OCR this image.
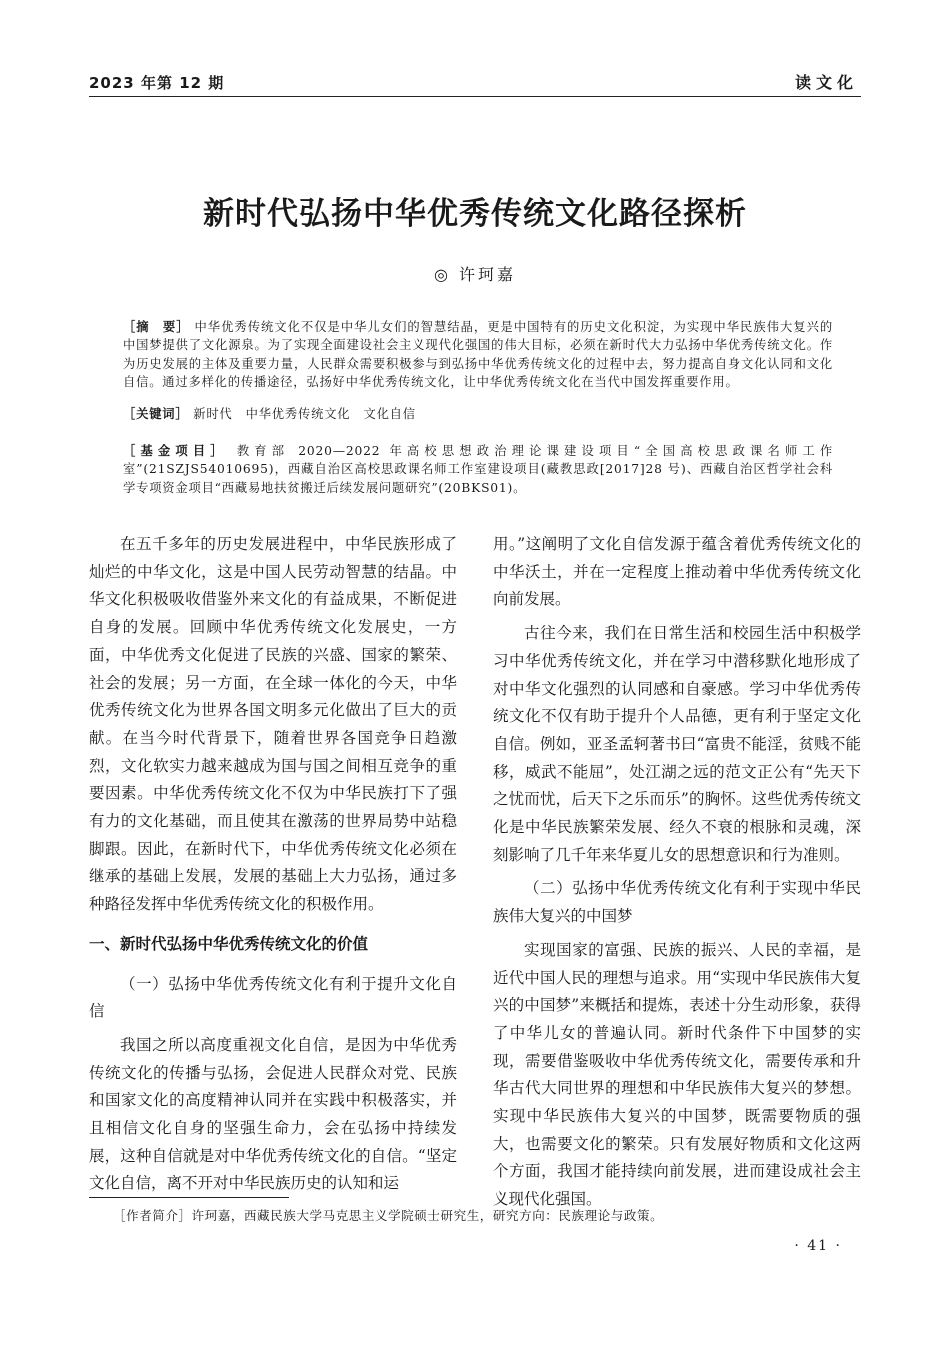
2023 年第 12 期	读文化
新时代弘扬中华优秀传统文化路径探析
◎ 许珂嘉
［摘　要］ 中华优秀传统文化不仅是中华儿女们的智慧结晶，更是中国特有的历史文化积淀，为实现中华民族伟大复兴的中国梦提供了文化源泉。为了实现全面建设社会主义现代化强国的伟大目标，必须在新时代大力弘扬中华优秀传统文化。作为历史发展的主体及重要力量，人民群众需要积极参与到弘扬中华优秀传统文化的过程中去，努力提高自身文化认同和文化自信。通过多样化的传播途径，弘扬好中华优秀传统文化，让中华优秀传统文化在当代中国发挥重要作用。
［关键词］ 新时代　中华优秀传统文化　文化自信
［基金项目］ 教育部 2020—2022 年高校思想政治理论课建设项目“全国高校思政课名师工作室”(21SZJS54010695)，西藏自治区高校思政课名师工作室建设项目(藏教思政[2017]28 号)、西藏自治区哲学社会科学专项资金项目“西藏易地扶贫搬迁后续发展问题研究”(20BKS01)。

在五千多年的历史发展进程中，中华民族形成了灿烂的中华文化，这是中国人民劳动智慧的结晶。中华文化积极吸收借鉴外来文化的有益成果，不断促进自身的发展。回顾中华优秀传统文化发展史，一方面，中华优秀文化促进了民族的兴盛、国家的繁荣、社会的发展；另一方面，在全球一体化的今天，中华优秀传统文化为世界各国文明多元化做出了巨大的贡献。在当今时代背景下，随着世界各国竞争日趋激烈，文化软实力越来越成为国与国之间相互竞争的重要因素。中华优秀传统文化不仅为中华民族打下了强有力的文化基础，而且使其在激荡的世界局势中站稳脚跟。因此，在新时代下，中华优秀传统文化必须在继承的基础上发展，发展的基础上大力弘扬，通过多种路径发挥中华优秀传统文化的积极作用。

一、新时代弘扬中华优秀传统文化的价值

（一）弘扬中华优秀传统文化有利于提升文化自信

我国之所以高度重视文化自信，是因为中华优秀传统文化的传播与弘扬，会促进人民群众对党、民族和国家文化的高度精神认同并在实践中积极落实，并且相信文化自身的坚强生命力，会在弘扬中持续发展，这种自信就是对中华优秀传统文化的自信。“坚定文化自信，离不开对中华民族历史的认知和运

用。”这阐明了文化自信发源于蕴含着优秀传统文化的中华沃土，并在一定程度上推动着中华优秀传统文化向前发展。

古往今来，我们在日常生活和校园生活中积极学习中华优秀传统文化，并在学习中潜移默化地形成了对中华文化强烈的认同感和自豪感。学习中华优秀传统文化不仅有助于提升个人品德，更有利于坚定文化自信。例如，亚圣孟轲著书曰“富贵不能淫，贫贱不能移，威武不能屈”，处江湖之远的范文正公有“先天下之忧而忧，后天下之乐而乐”的胸怀。这些优秀传统文化是中华民族繁荣发展、经久不衰的根脉和灵魂，深刻影响了几千年来华夏儿女的思想意识和行为准则。

（二）弘扬中华优秀传统文化有利于实现中华民族伟大复兴的中国梦

实现国家的富强、民族的振兴、人民的幸福，是近代中国人民的理想与追求。用“实现中华民族伟大复兴的中国梦”来概括和提炼，表述十分生动形象，获得了中华儿女的普遍认同。新时代条件下中国梦的实现，需要借鉴吸收中华优秀传统文化，需要传承和升华古代大同世界的理想和中华民族伟大复兴的梦想。实现中华民族伟大复兴的中国梦，既需要物质的强大，也需要文化的繁荣。只有发展好物质和文化这两个方面，我国才能持续向前发展，进而建设成社会主义现代化强国。

［作者简介］许珂嘉，西藏民族大学马克思主义学院硕士研究生，研究方向：民族理论与政策。
· 41 ·
